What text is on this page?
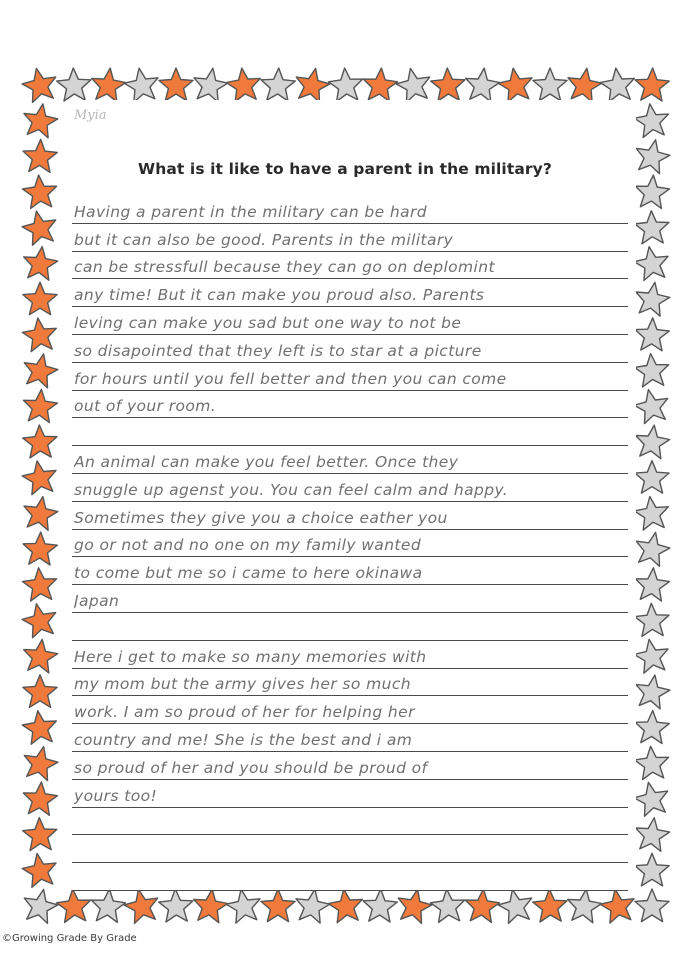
Myia
What is it like to have a parent in the military?
Having a parent in the military can be hard
but it can also be good. Parents in the military
can be stressfull because they can go on deplomint
any time! But it can make you proud also. Parents
leving can make you sad but one way to not be
so disapointed that they left is to star at a picture
for hours until you fell better and then you can come
out of your room.
An animal can make you feel better. Once they
snuggle up agenst you. You can feel calm and happy.
Sometimes they give you a choice eather you
go or not and no one on my family wanted
to come but me so i came to here okinawa
Japan
Here i get to make so many memories with
my mom but the army gives her so much
work. I am so proud of her for helping her
country and me! She is the best and i am
so proud of her and you should be proud of
yours too!
©Growing Grade By Grade
